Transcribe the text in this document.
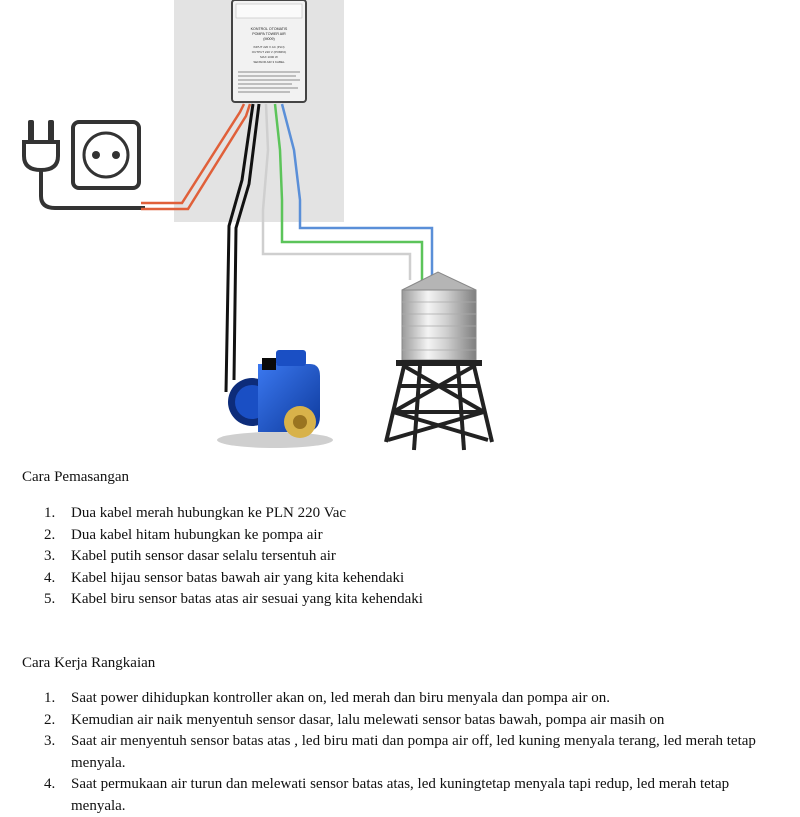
KONTROL OTOMATIS
POMPA TOWER AIR
(M009)
INPUT 220 V AC (PLN)
OUTPUT 220 V (POMPA)
MAX 1000 W
SENSOR AIR 3 KABEL
Cara Pemasangan
1.	Dua kabel merah hubungkan ke PLN 220 Vac
2.	Dua kabel hitam hubungkan ke pompa air
3.	Kabel putih sensor dasar selalu tersentuh air
4.	Kabel hijau sensor batas bawah air yang kita kehendaki
5.	Kabel biru sensor batas atas air sesuai yang kita kehendaki
Cara Kerja Rangkaian
1.	Saat power dihidupkan kontroller akan on, led merah dan biru menyala dan pompa air on.
2.	Kemudian air naik menyentuh sensor dasar, lalu melewati sensor batas bawah, pompa air masih on
3.	Saat air menyentuh sensor batas atas , led biru mati dan pompa air off, led kuning menyala terang, led merah tetap menyala.
4.	Saat permukaan air turun dan melewati sensor batas atas, led kuningtetap menyala tapi redup, led merah tetap menyala.
